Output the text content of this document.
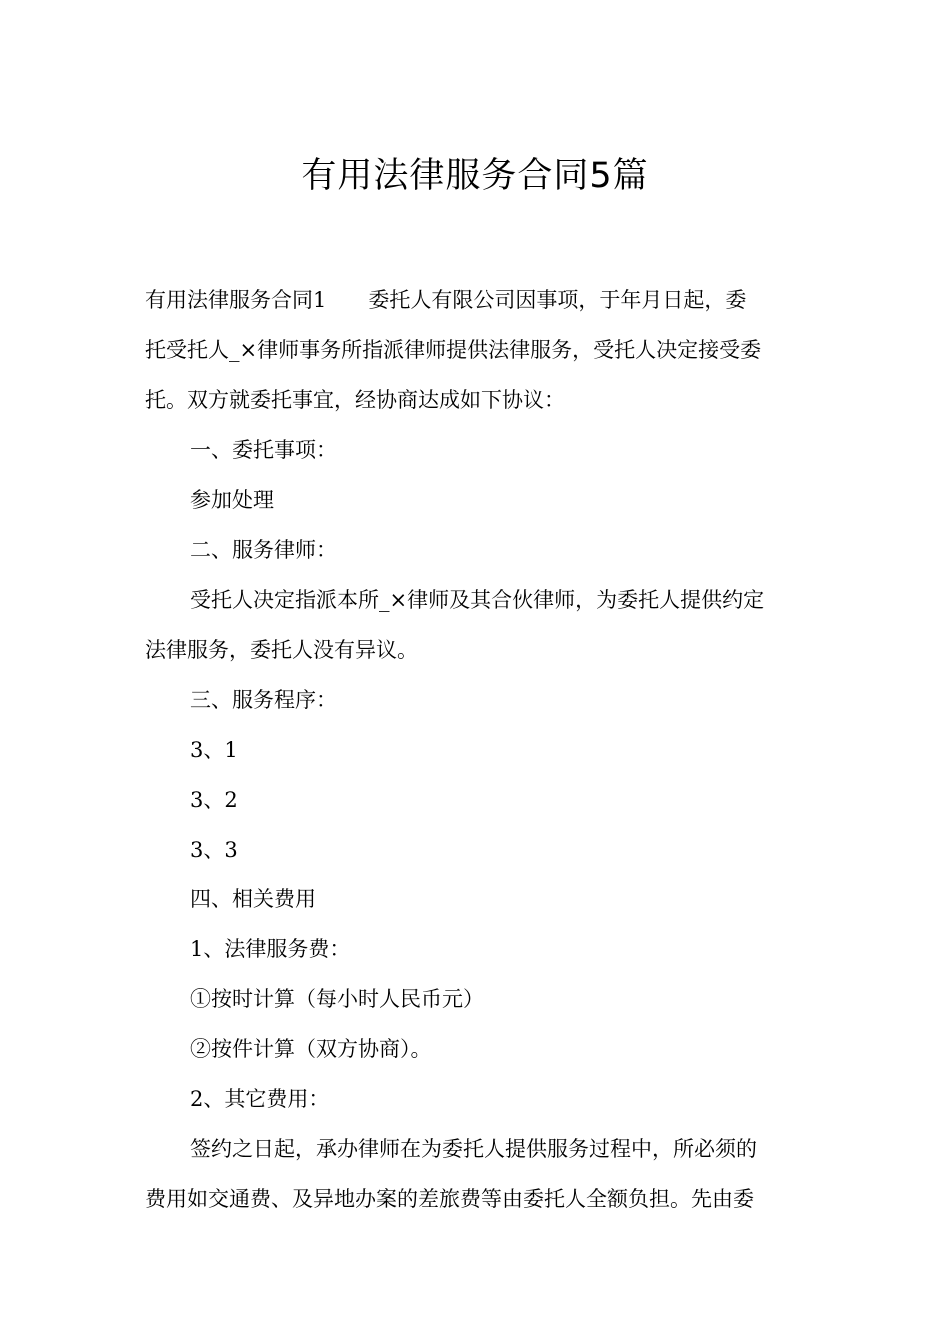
有用法律服务合同5篇
有用法律服务合同1　　委托人有限公司因事项，于年月日起，委
托受托人_×律师事务所指派律师提供法律服务，受托人决定接受委
托。双方就委托事宜，经协商达成如下协议：
一、委托事项：
参加处理
二、服务律师：
受托人决定指派本所_×律师及其合伙律师，为委托人提供约定
法律服务，委托人没有异议。
三、服务程序：
3、1
3、2
3、3
四、相关费用
1、法律服务费：
①按时计算（每小时人民币元）
②按件计算（双方协商）。
2、其它费用：
签约之日起，承办律师在为委托人提供服务过程中，所必须的
费用如交通费、及异地办案的差旅费等由委托人全额负担。先由委
